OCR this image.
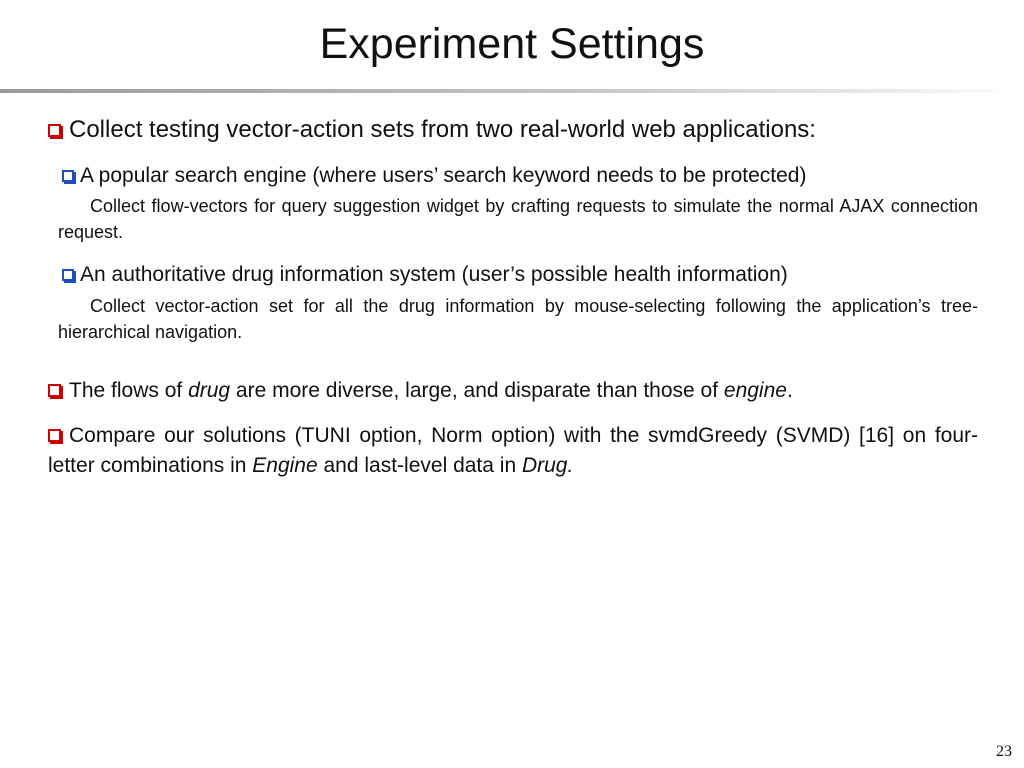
Experiment Settings
Collect testing vector-action sets from two real-world web applications:
A popular search engine (where users’ search keyword needs to be protected)
Collect flow-vectors for query suggestion widget by crafting requests to simulate the normal AJAX connection request.
An authoritative drug information system (user’s possible health information)
Collect vector-action set for all the drug information by mouse-selecting following the application’s tree-hierarchical navigation.
The flows of drug are more diverse, large, and disparate than those of engine.
Compare our solutions (TUNI option, Norm option) with the svmdGreedy (SVMD) [16] on four-letter combinations in Engine and last-level data in Drug.
23
